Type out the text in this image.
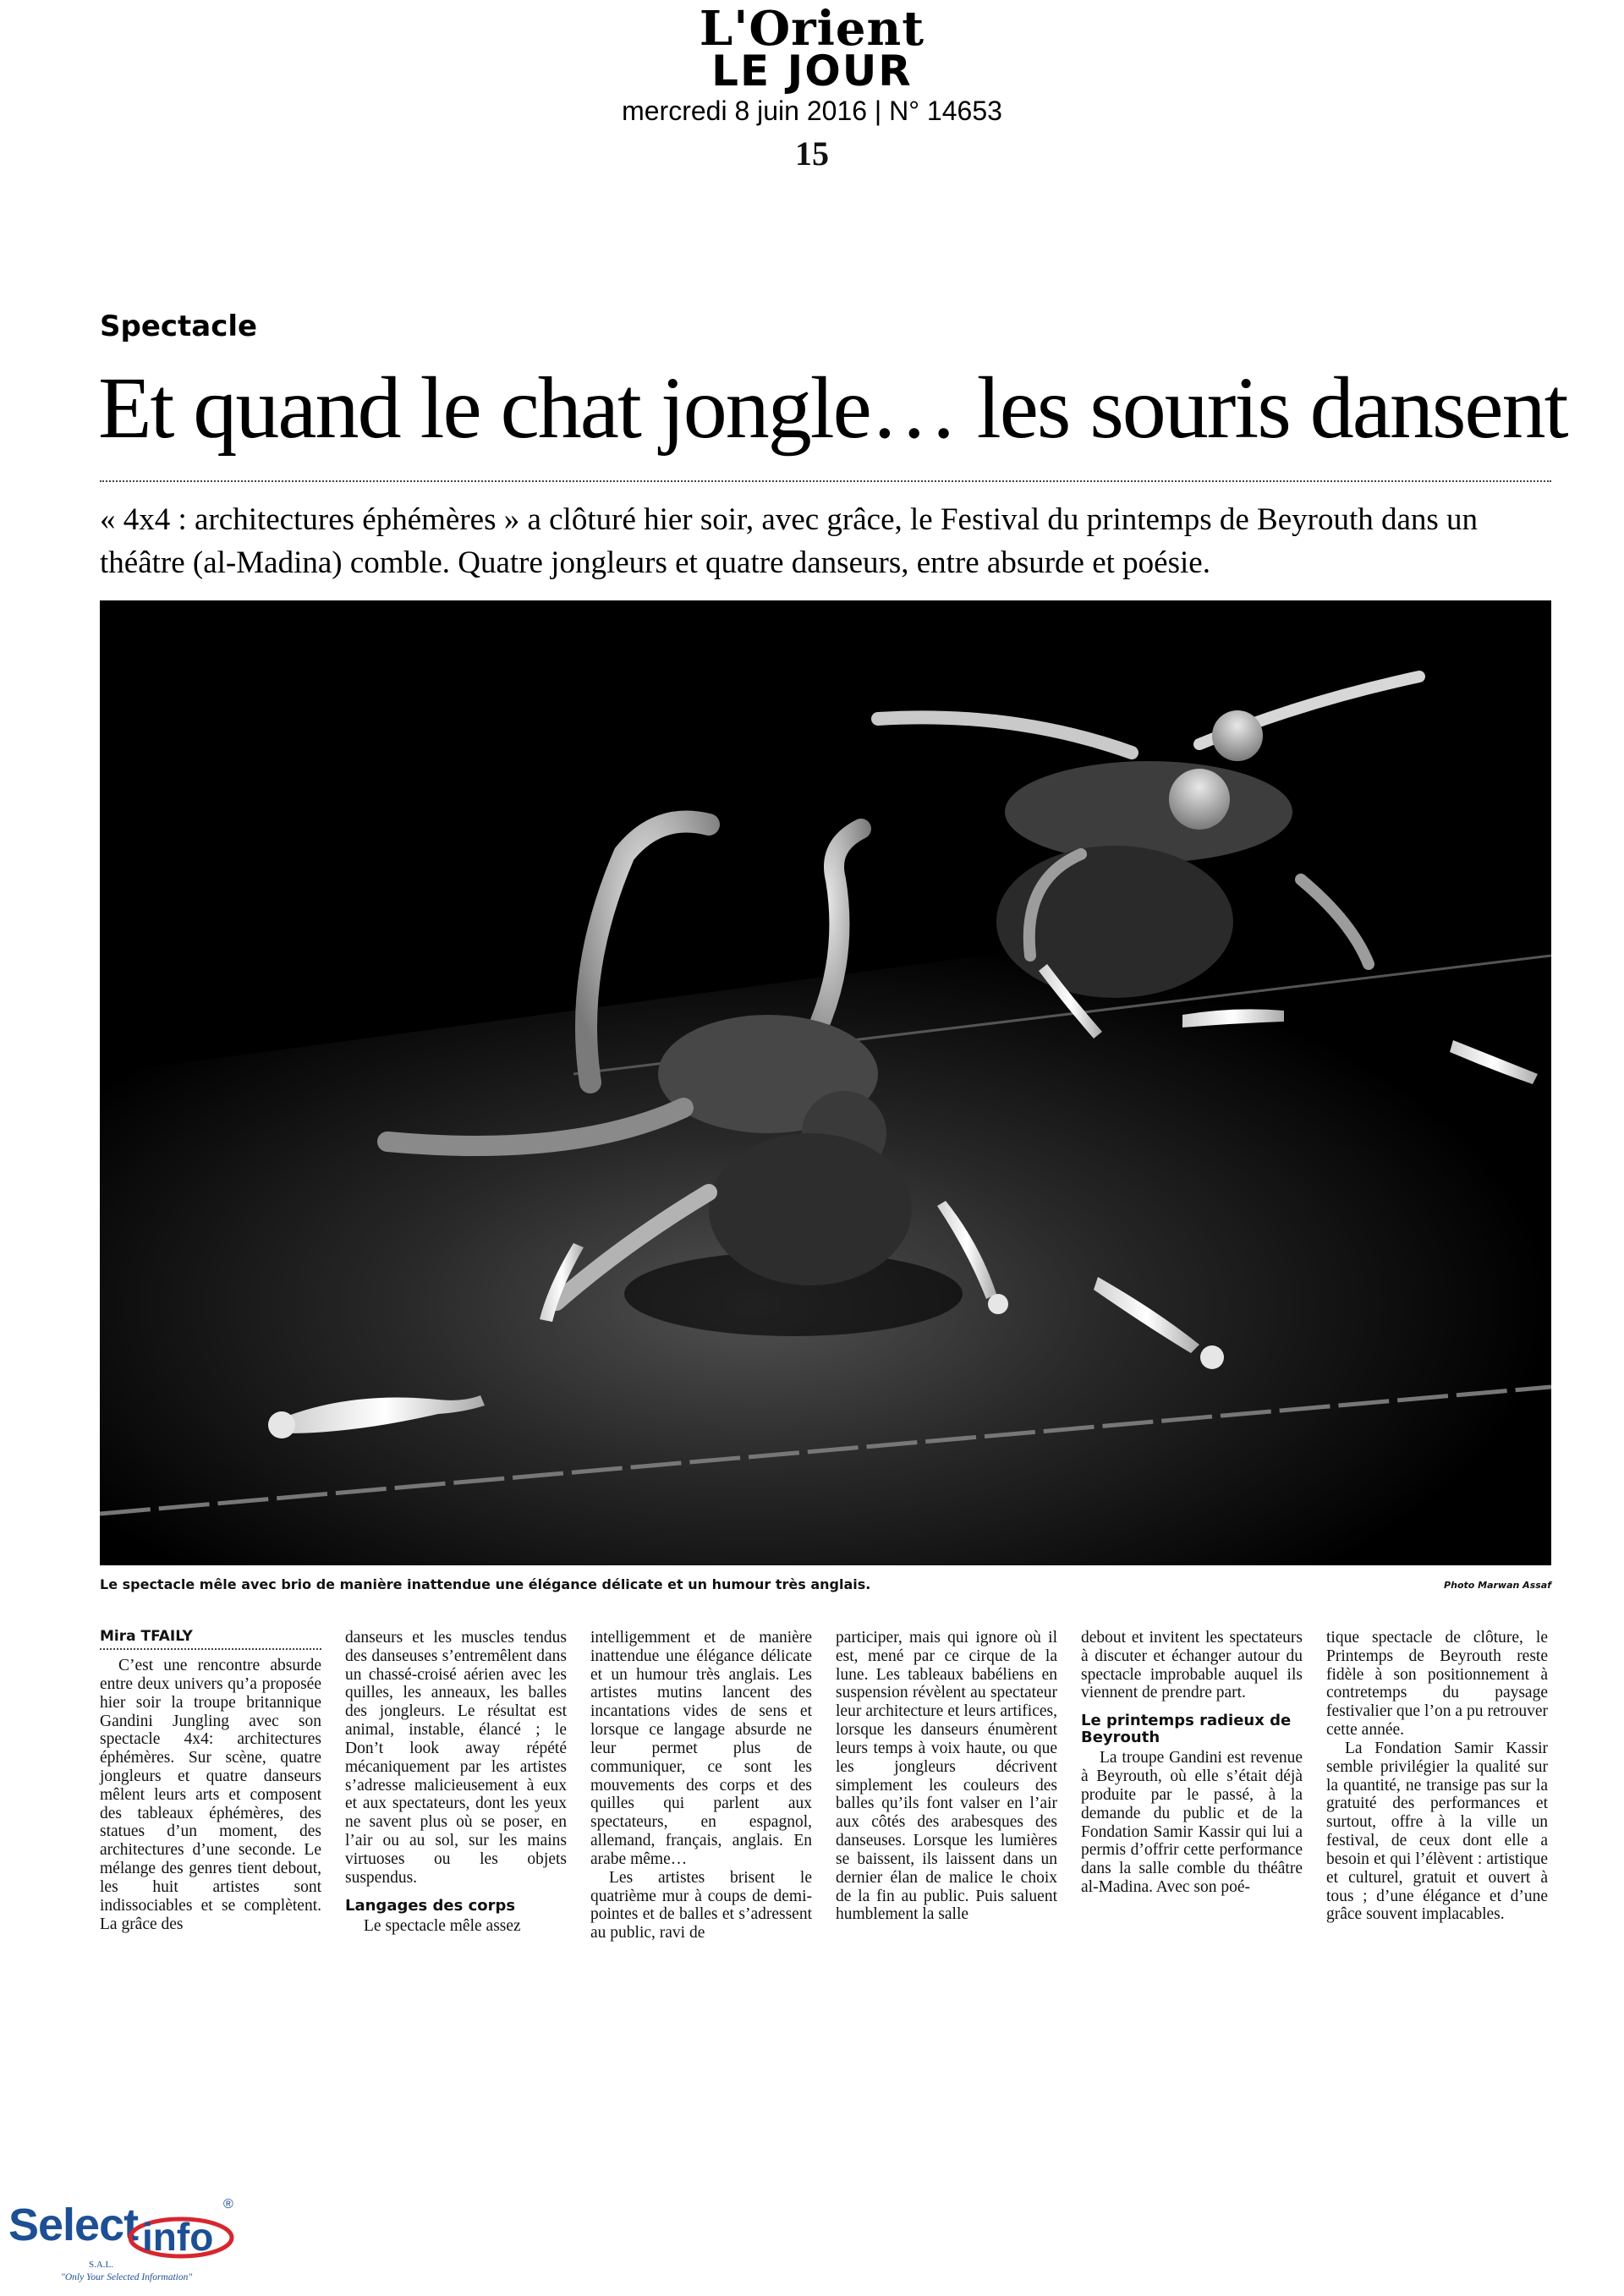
L'Orient
LE JOUR
mercredi 8 juin 2016 | N° 14653
15
Spectacle
Et quand le chat jongle… les souris dansent
« 4x4 : architectures éphémères » a clôturé hier soir, avec grâce, le Festival du printemps de Beyrouth dans un théâtre (al-Madina) comble. Quatre jongleurs et quatre danseurs, entre absurde et poésie.
Le spectacle mêle avec brio de manière inattendue une élégance délicate et un humour très anglais.	Photo Marwan Assaf
Mira TFAILY

C’est une rencontre absurde entre deux univers qu’a proposée hier soir la troupe britannique Gandini Jungling avec son spectacle 4x4: architectures éphémères. Sur scène, quatre jongleurs et quatre danseurs mêlent leurs arts et composent des tableaux éphémères, des statues d’un moment, des architectures d’une seconde. Le mélange des genres tient debout, les huit artistes sont indissociables et se complètent. La grâce des

danseurs et les muscles tendus des danseuses s’entremêlent dans un chassé-croisé aérien avec les quilles, les anneaux, les balles des jongleurs. Le résultat est animal, instable, élancé ; le Don’t look away répété mécaniquement par les artistes s’adresse malicieusement à eux et aux spectateurs, dont les yeux ne savent plus où se poser, en l’air ou au sol, sur les mains virtuoses ou les objets suspendus.

Langages des corps

Le spectacle mêle assez

intelligemment et de manière inattendue une élégance délicate et un humour très anglais. Les artistes mutins lancent des incantations vides de sens et lorsque ce langage absurde ne leur permet plus de communiquer, ce sont les mouvements des corps et des quilles qui parlent aux spectateurs, en espagnol, allemand, français, anglais. En arabe même…

Les artistes brisent le quatrième mur à coups de demi-pointes et de balles et s’adressent au public, ravi de

participer, mais qui ignore où il est, mené par ce cirque de la lune. Les tableaux babéliens en suspension révèlent au spectateur leur architecture et leurs artifices, lorsque les danseurs énumèrent leurs temps à voix haute, ou que les jongleurs décrivent simplement les couleurs des balles qu’ils font valser en l’air aux côtés des arabesques des danseuses. Lorsque les lumières se baissent, ils laissent dans un dernier élan de malice le choix de la fin au public. Puis saluent humblement la salle

debout et invitent les spectateurs à discuter et échanger autour du spectacle improbable auquel ils viennent de prendre part.

Le printemps radieux de Beyrouth

La troupe Gandini est revenue à Beyrouth, où elle s’était déjà produite par le passé, à la demande du public et de la Fondation Samir Kassir qui lui a permis d’offrir cette performance dans la salle comble du théâtre al-Madina. Avec son poé-

tique spectacle de clôture, le Printemps de Beyrouth reste fidèle à son positionnement à contretemps du paysage festivalier que l’on a pu retrouver cette année.

La Fondation Samir Kassir semble privilégier la qualité sur la quantité, ne transige pas sur la gratuité des performances et surtout, offre à la ville un festival, de ceux dont elle a besoin et qui l’élèvent : artistique et culturel, gratuit et ouvert à tous ; d’une élégance et d’une grâce souvent implacables.

Select info
®
S.A.L.
"Only Your Selected Information"
